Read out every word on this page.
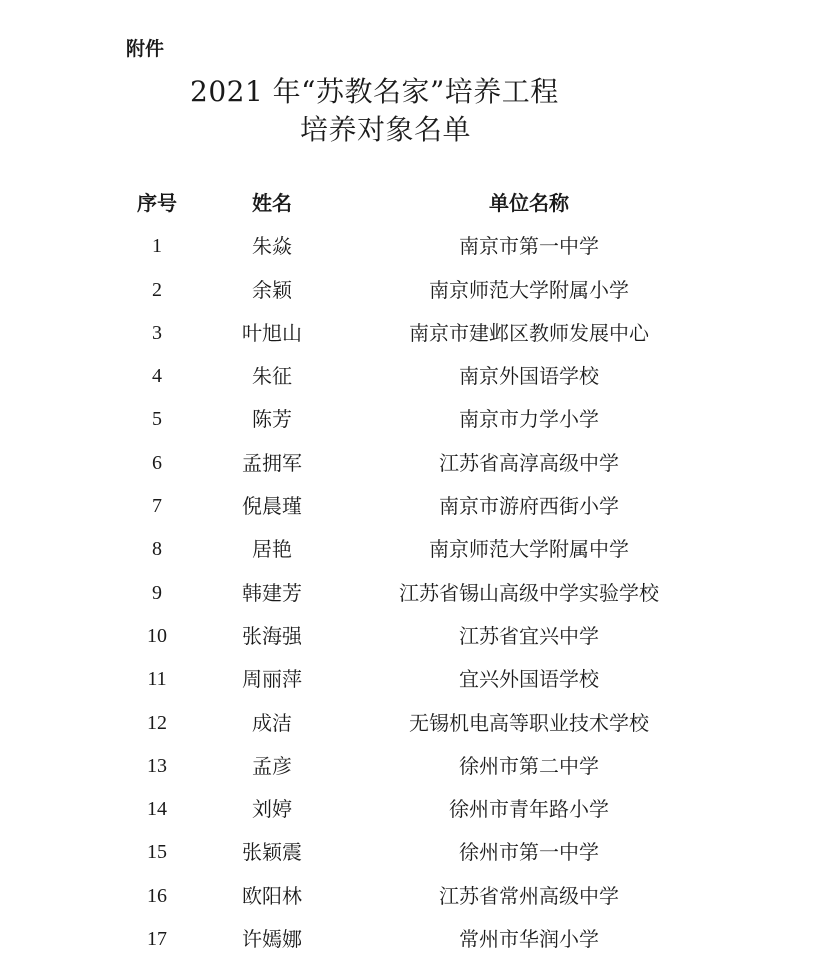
附件
2021 年“苏教名家”培养工程
培养对象名单
序号	姓名	单位名称
1	朱焱	南京市第一中学
2	余颖	南京师范大学附属小学
3	叶旭山	南京市建邺区教师发展中心
4	朱征	南京外国语学校
5	陈芳	南京市力学小学
6	孟拥军	江苏省高淳高级中学
7	倪晨瑾	南京市游府西街小学
8	居艳	南京师范大学附属中学
9	韩建芳	江苏省锡山高级中学实验学校
10	张海强	江苏省宜兴中学
11	周丽萍	宜兴外国语学校
12	成洁	无锡机电高等职业技术学校
13	孟彦	徐州市第二中学
14	刘婷	徐州市青年路小学
15	张颖震	徐州市第一中学
16	欧阳林	江苏省常州高级中学
17	许嫣娜	常州市华润小学
